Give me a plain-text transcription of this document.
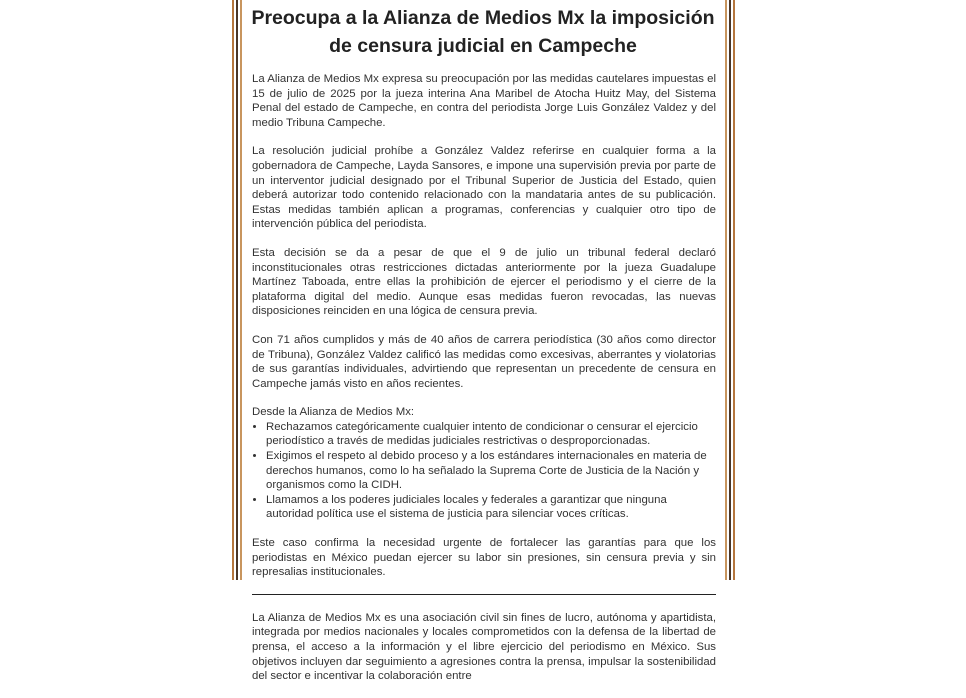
Preocupa a la Alianza de Medios Mx la imposición
de censura judicial en Campeche

La Alianza de Medios Mx expresa su preocupación por las medidas cautelares impuestas el 15 de julio de 2025 por la jueza interina Ana Maribel de Atocha Huitz May, del Sistema Penal del estado de Campeche, en contra del periodista Jorge Luis González Valdez y del medio Tribuna Campeche.

La resolución judicial prohíbe a González Valdez referirse en cualquier forma a la gobernadora de Campeche, Layda Sansores, e impone una supervisión previa por parte de un interventor judicial designado por el Tribunal Superior de Justicia del Estado, quien deberá autorizar todo contenido relacionado con la mandataria antes de su publicación. Estas medidas también aplican a programas, conferencias y cualquier otro tipo de intervención pública del periodista.

Esta decisión se da a pesar de que el 9 de julio un tribunal federal declaró inconstitucionales otras restricciones dictadas anteriormente por la jueza Guadalupe Martínez Taboada, entre ellas la prohibición de ejercer el periodismo y el cierre de la plataforma digital del medio. Aunque esas medidas fueron revocadas, las nuevas disposiciones reinciden en una lógica de censura previa.

Con 71 años cumplidos y más de 40 años de carrera periodística (30 años como director de Tribuna), González Valdez calificó las medidas como excesivas, aberrantes y violatorias de sus garantías individuales, advirtiendo que representan un precedente de censura en Campeche jamás visto en años recientes.

Desde la Alianza de Medios Mx:

• Rechazamos categóricamente cualquier intento de condicionar o censurar el ejercicio periodístico a través de medidas judiciales restrictivas o desproporcionadas.
• Exigimos el respeto al debido proceso y a los estándares internacionales en materia de derechos humanos, como lo ha señalado la Suprema Corte de Justicia de la Nación y organismos como la CIDH.
• Llamamos a los poderes judiciales locales y federales a garantizar que ninguna autoridad política use el sistema de justicia para silenciar voces críticas.

Este caso confirma la necesidad urgente de fortalecer las garantías para que los periodistas en México puedan ejercer su labor sin presiones, sin censura previa y sin represalias institucionales.

La Alianza de Medios Mx es una asociación civil sin fines de lucro, autónoma y apartidista, integrada por medios nacionales y locales comprometidos con la defensa de la libertad de prensa, el acceso a la información y el libre ejercicio del periodismo en México. Sus objetivos incluyen dar seguimiento a agresiones contra la prensa, impulsar la sostenibilidad del sector e incentivar la colaboración entre
